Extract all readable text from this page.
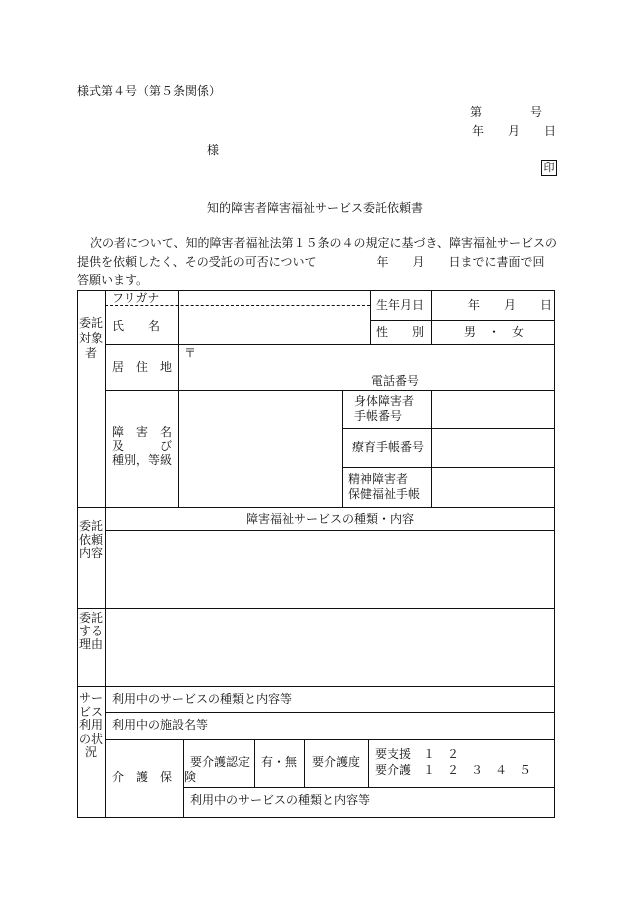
様式第４号（第５条関係）
第　　　　号
年　　月　　日
様
印
知的障害者障害福祉サービス委託依頼書
次の者について、知的障害者福祉法第１５条の４の規定に基づき、障害福祉サービスの
提供を依頼したく、その受託の可否について　　　　　年　　月　　日までに書面で回
答願います。
委託対象者
フリガナ
氏　　名
生年月日	年　　月　　日
性　　別	男　・　女
居　住　地
〒
電話番号
障　害　名
及　　　び
種別，等級
身体障害者
手帳番号
療育手帳番号
精神障害者
保健福祉手帳
委託依頼内容
障害福祉サービスの種類・内容
委託する理由
サービス利用の状況
利用中のサービスの種類と内容等
利用中の施設名等
介　護　保　険
要介護認定 有・無 要介護度
要支援　１　２
要介護　１　２　３　４　５
利用中のサービスの種類と内容等
